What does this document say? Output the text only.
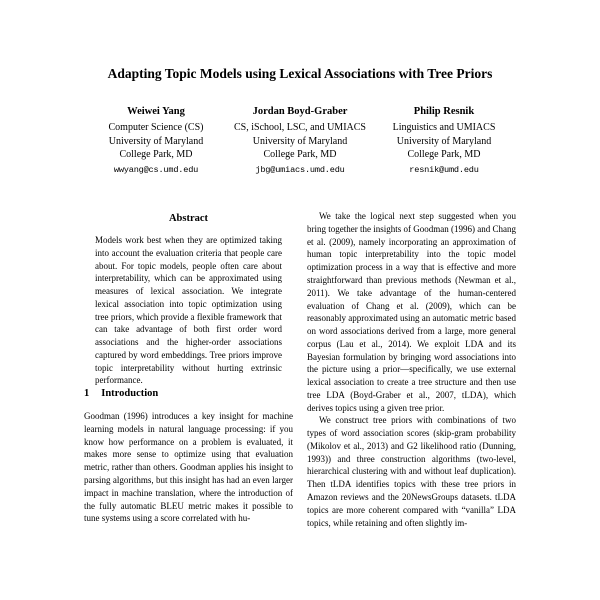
Adapting Topic Models using Lexical Associations with Tree Priors
Weiwei Yang
Computer Science (CS)
University of Maryland
College Park, MD
wwyang@cs.umd.edu
Jordan Boyd-Graber
CS, iSchool, LSC, and UMIACS
University of Maryland
College Park, MD
jbg@umiacs.umd.edu
Philip Resnik
Linguistics and UMIACS
University of Maryland
College Park, MD
resnik@umd.edu
Abstract

Models work best when they are optimized taking into account the evaluation criteria that people care about. For topic models, people often care about interpretability, which can be approximated using measures of lexical association. We integrate lexical association into topic optimization using tree priors, which provide a flexible framework that can take advantage of both first order word associations and the higher-order associations captured by word embeddings. Tree priors improve topic interpretability without hurting extrinsic performance.

1 Introduction

Goodman (1996) introduces a key insight for machine learning models in natural language processing: if you know how performance on a problem is evaluated, it makes more sense to optimize using that evaluation metric, rather than others. Goodman applies his insight to parsing algorithms, but this insight has had an even larger impact in machine translation, where the introduction of the fully automatic BLEU metric makes it possible to tune systems using a score correlated with hu-

We take the logical next step suggested when you bring together the insights of Goodman (1996) and Chang et al. (2009), namely incorporating an approximation of human topic interpretability into the topic model optimization process in a way that is effective and more straightforward than previous methods (Newman et al., 2011). We take advantage of the human-centered evaluation of Chang et al. (2009), which can be reasonably approximated using an automatic metric based on word associations derived from a large, more general corpus (Lau et al., 2014). We exploit LDA and its Bayesian formulation by bringing word associations into the picture using a prior—specifically, we use external lexical association to create a tree structure and then use tree LDA (Boyd-Graber et al., 2007, tLDA), which derives topics using a given tree prior.

We construct tree priors with combinations of two types of word association scores (skip-gram probability (Mikolov et al., 2013) and G2 likelihood ratio (Dunning, 1993)) and three construction algorithms (two-level, hierarchical clustering with and without leaf duplication). Then tLDA identifies topics with these tree priors in Amazon reviews and the 20NewsGroups datasets. tLDA topics are more coherent compared with “vanilla” LDA topics, while retaining and often slightly im-
